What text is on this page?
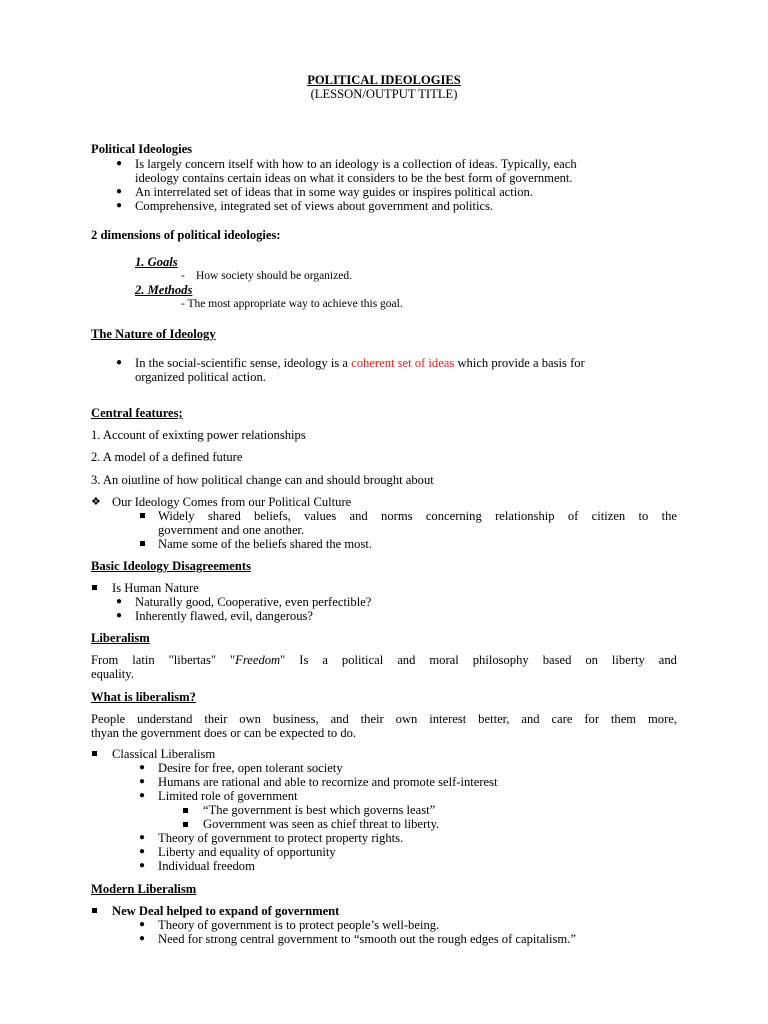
POLITICAL IDEOLOGIES
(LESSON/OUTPUT TITLE)
Political Ideologies
● Is largely concern itself with how to an ideology is a collection of ideas. Typically, each
ideology contains certain ideas on what it considers to be the best form of government.
● An interrelated set of ideas that in some way guides or inspires political action.
● Comprehensive, integrated set of views about government and politics.
2 dimensions of political ideologies:
1. Goals
- How society should be organized.
2. Methods
- The most appropriate way to achieve this goal.
The Nature of Ideology
● In the social-scientific sense, ideology is a coherent set of ideas which provide a basis for
organized political action.
Central features;
1. Account of exixting power relationships
2. A model of a defined future
3. An oiutline of how political change can and should brought about
❖ Our Ideology Comes from our Political Culture
Widely shared beliefs, values and norms concerning relationship of citizen to the
government and one another.
Name some of the beliefs shared the most.
Basic Ideology Disagreements
Is Human Nature
● Naturally good, Cooperative, even perfectible?
● Inherently flawed, evil, dangerous?
Liberalism
From latin "libertas" "Freedom" Is a political and moral philosophy based on liberty and
equality.
What is liberalism?
People understand their own business, and their own interest better, and care for them more,
thyan the government does or can be expected to do.
Classical Liberalism
● Desire for free, open tolerant society
● Humans are rational and able to recornize and promote self-interest
● Limited role of government
“The government is best which governs least”
Government was seen as chief threat to liberty.
● Theory of government to protect property rights.
● Liberty and equality of opportunity
● Individual freedom
Modern Liberalism
New Deal helped to expand of government
● Theory of government is to protect people’s well-being.
● Need for strong central government to “smooth out the rough edges of capitalism.”
